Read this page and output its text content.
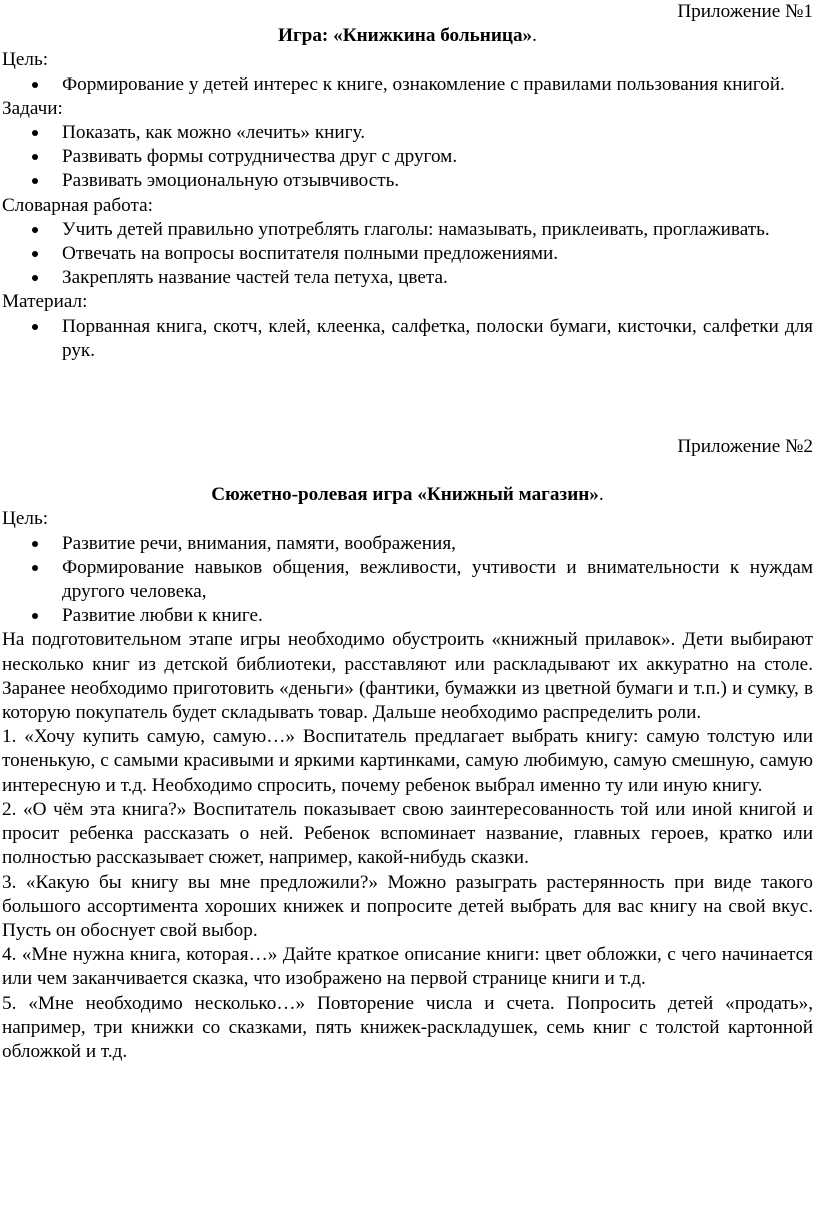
Приложение №1

Игра: «Книжкина больница».

Цель:

Формирование у детей интерес к книге, ознакомление с правилами пользования книгой.

Задачи:

Показать, как можно «лечить» книгу.
Развивать формы сотрудничества друг с другом.
Развивать эмоциональную отзывчивость.

Словарная работа:

Учить детей правильно употреблять глаголы: намазывать, приклеивать, проглаживать.
Отвечать на вопросы воспитателя полными предложениями.
Закреплять название частей тела петуха, цвета.

Материал:

Порванная книга, скотч, клей, клеенка, салфетка, полоски бумаги, кисточки, салфетки для рук.

Приложение №2

Сюжетно-ролевая игра «Книжный магазин».

Цель:

Развитие речи, внимания, памяти, воображения,
Формирование навыков общения, вежливости, учтивости и внимательности к нуждам другого человека,
Развитие любви к книге.

На подготовительном этапе игры необходимо обустроить «книжный прилавок». Дети выбирают несколько книг из детской библиотеки, расставляют или раскладывают их аккуратно на столе. Заранее необходимо приготовить «деньги» (фантики, бумажки из цветной бумаги и т.п.) и сумку, в которую покупатель будет складывать товар. Дальше необходимо распределить роли.

1. «Хочу купить самую, самую…» Воспитатель предлагает выбрать книгу: самую толстую или тоненькую, с самыми красивыми и яркими картинками, самую любимую, самую смешную, самую интересную и т.д. Необходимо спросить, почему ребенок выбрал именно ту или иную книгу.

2. «О чём эта книга?» Воспитатель показывает свою заинтересованность той или иной книгой и просит ребенка рассказать о ней. Ребенок вспоминает название, главных героев, кратко или полностью рассказывает сюжет, например, какой-нибудь сказки.

3. «Какую бы книгу вы мне предложили?» Можно разыграть растерянность при виде такого большого ассортимента хороших книжек и попросите детей выбрать для вас книгу на свой вкус. Пусть он обоснует свой выбор.

4. «Мне нужна книга, которая…» Дайте краткое описание книги: цвет обложки, с чего начинается или чем заканчивается сказка, что изображено на первой странице книги и т.д.

5. «Мне необходимо несколько…» Повторение числа и счета. Попросить детей «продать», например, три книжки со сказками, пять книжек-раскладушек, семь книг с толстой картонной обложкой и т.д.
